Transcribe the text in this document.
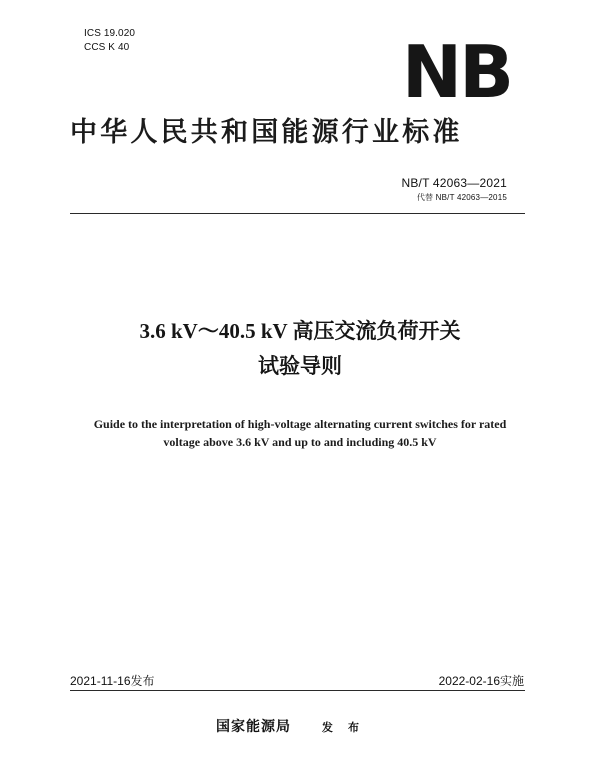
ICS 19.020
CCS K 40	NB
中华人民共和国能源行业标准
NB/T 42063—2021
代替 NB/T 42063—2015
3.6 kV～40.5 kV 高压交流负荷开关
试验导则
Guide to the interpretation of high-voltage alternating current switches for rated
voltage above 3.6 kV and up to and including 40.5 kV
2021-11-16发布	2022-02-16实施
国家能源局	发 布
